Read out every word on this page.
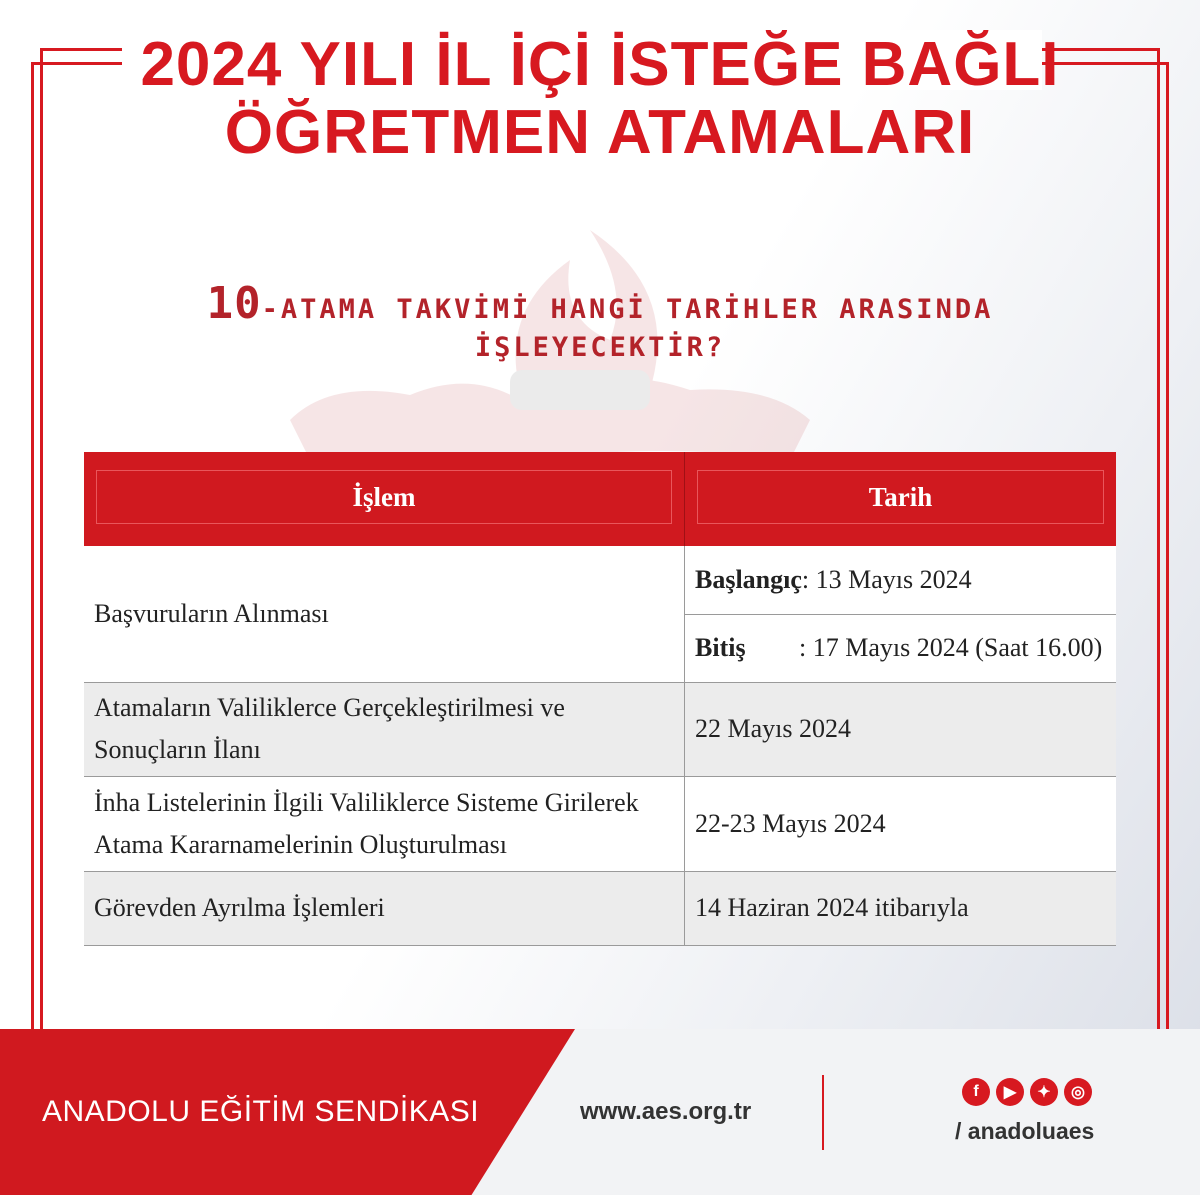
2024 YILI İL İÇİ İSTEĞE BAĞLI
ÖĞRETMEN ATAMALARI
10-ATAMA TAKVİMİ HANGİ TARİHLER ARASINDA
İŞLEYECEKTİR?
İşlem	Tarih

Başvuruların Alınması	Başlangıç: 13 Mayıs 2024
	Bitiş : 17 Mayıs 2024 (Saat 16.00)
Atamaların Valiliklerce Gerçekleştirilmesi ve Sonuçların İlanı	22 Mayıs 2024
İnha Listelerinin İlgili Valiliklerce Sisteme Girilerek Atama Kararnamelerinin Oluşturulması	22-23 Mayıs 2024
Görevden Ayrılma İşlemleri	14 Haziran 2024 itibarıyla
ANADOLU EĞİTİM SENDİKASI	www.aes.org.tr
f	▶	✦	◎
/ anadoluaes
